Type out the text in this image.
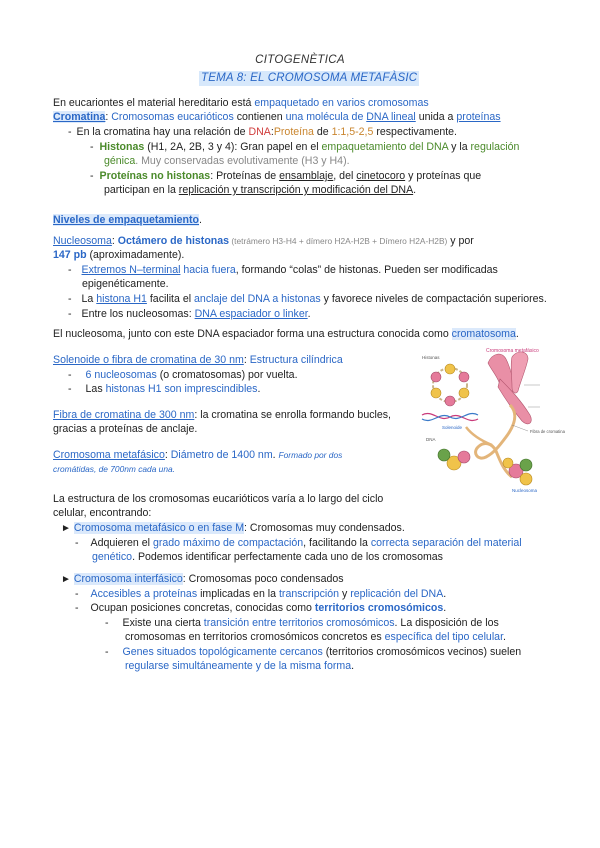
CITOGENÈTICA
TEMA 8: EL CROMOSOMA METAFÀSIC
En eucariontes el material hereditario está empaquetado en varios cromosomas
Cromatina: Cromosomas eucarióticos contienen una molécula de DNA lineal unida a proteínas
- En la cromatina hay una relación de DNA:Proteína de 1:1,5-2,5 respectivamente.
- Histonas (H1, 2A, 2B, 3 y 4): Gran papel en el empaquetamiento del DNA y la regulación
génica. Muy conservadas evolutivamente (H3 y H4).
- Proteínas no histonas: Proteínas de ensamblaje, del cinetocoro y proteínas que
participan en la replicación y transcripción y modificación del DNA.
Niveles de empaquetamiento.
Nucleosoma: Octámero de histonas (tetrámero H3-H4 + dímero H2A-H2B + Dímero H2A-H2B) y por
147 pb (aproximadamente).
- Extremos N–terminal hacia fuera, formando “colas” de histonas. Pueden ser modificadas
epigenéticamente.
- La histona H1 facilita el anclaje del DNA a histonas y favorece niveles de compactación superiores.
- Entre los nucleosomas: DNA espaciador o linker.
El nucleosoma, junto con este DNA espaciador forma una estructura conocida como cromatosoma.
Solenoide o fibra de cromatina de 30 nm: Estructura cilíndrica
- 6 nucleosomas (o cromatosomas) por vuelta.
- Las histonas H1 son imprescindibles.
Fibra de cromatina de 300 nm: la cromatina se enrolla formando bucles,
gracias a proteínas de anclaje.
Cromosoma metafásico: Diámetro de 1400 nm. Formado por dos
cromátidas, de 700nm cada una.
La estructura de los cromosomas eucarióticos varía a lo largo del ciclo
celular, encontrando:
► Cromosoma metafásico o en fase M: Cromosomas muy condensados.
- Adquieren el grado máximo de compactación, facilitando la correcta separación del material
genético. Podemos identificar perfectamente cada uno de los cromosomas
► Cromosoma interfásico: Cromosomas poco condensados
- Accesibles a proteínas implicadas en la transcripción y replicación del DNA.
- Ocupan posiciones concretas, conocidas como territorios cromosómicos.
- Existe una cierta transición entre territorios cromosómicos. La disposición de los
cromosomas en territorios cromosómicos concretos es específica del tipo celular.
- Genes situados topológicamente cercanos (territorios cromosómicos vecinos) suelen
regularse simultáneamente y de la misma forma.
Cromosoma metafásico
Histonas
Solenoide
Nucleosoma
Fibra de cromatina
DNA
